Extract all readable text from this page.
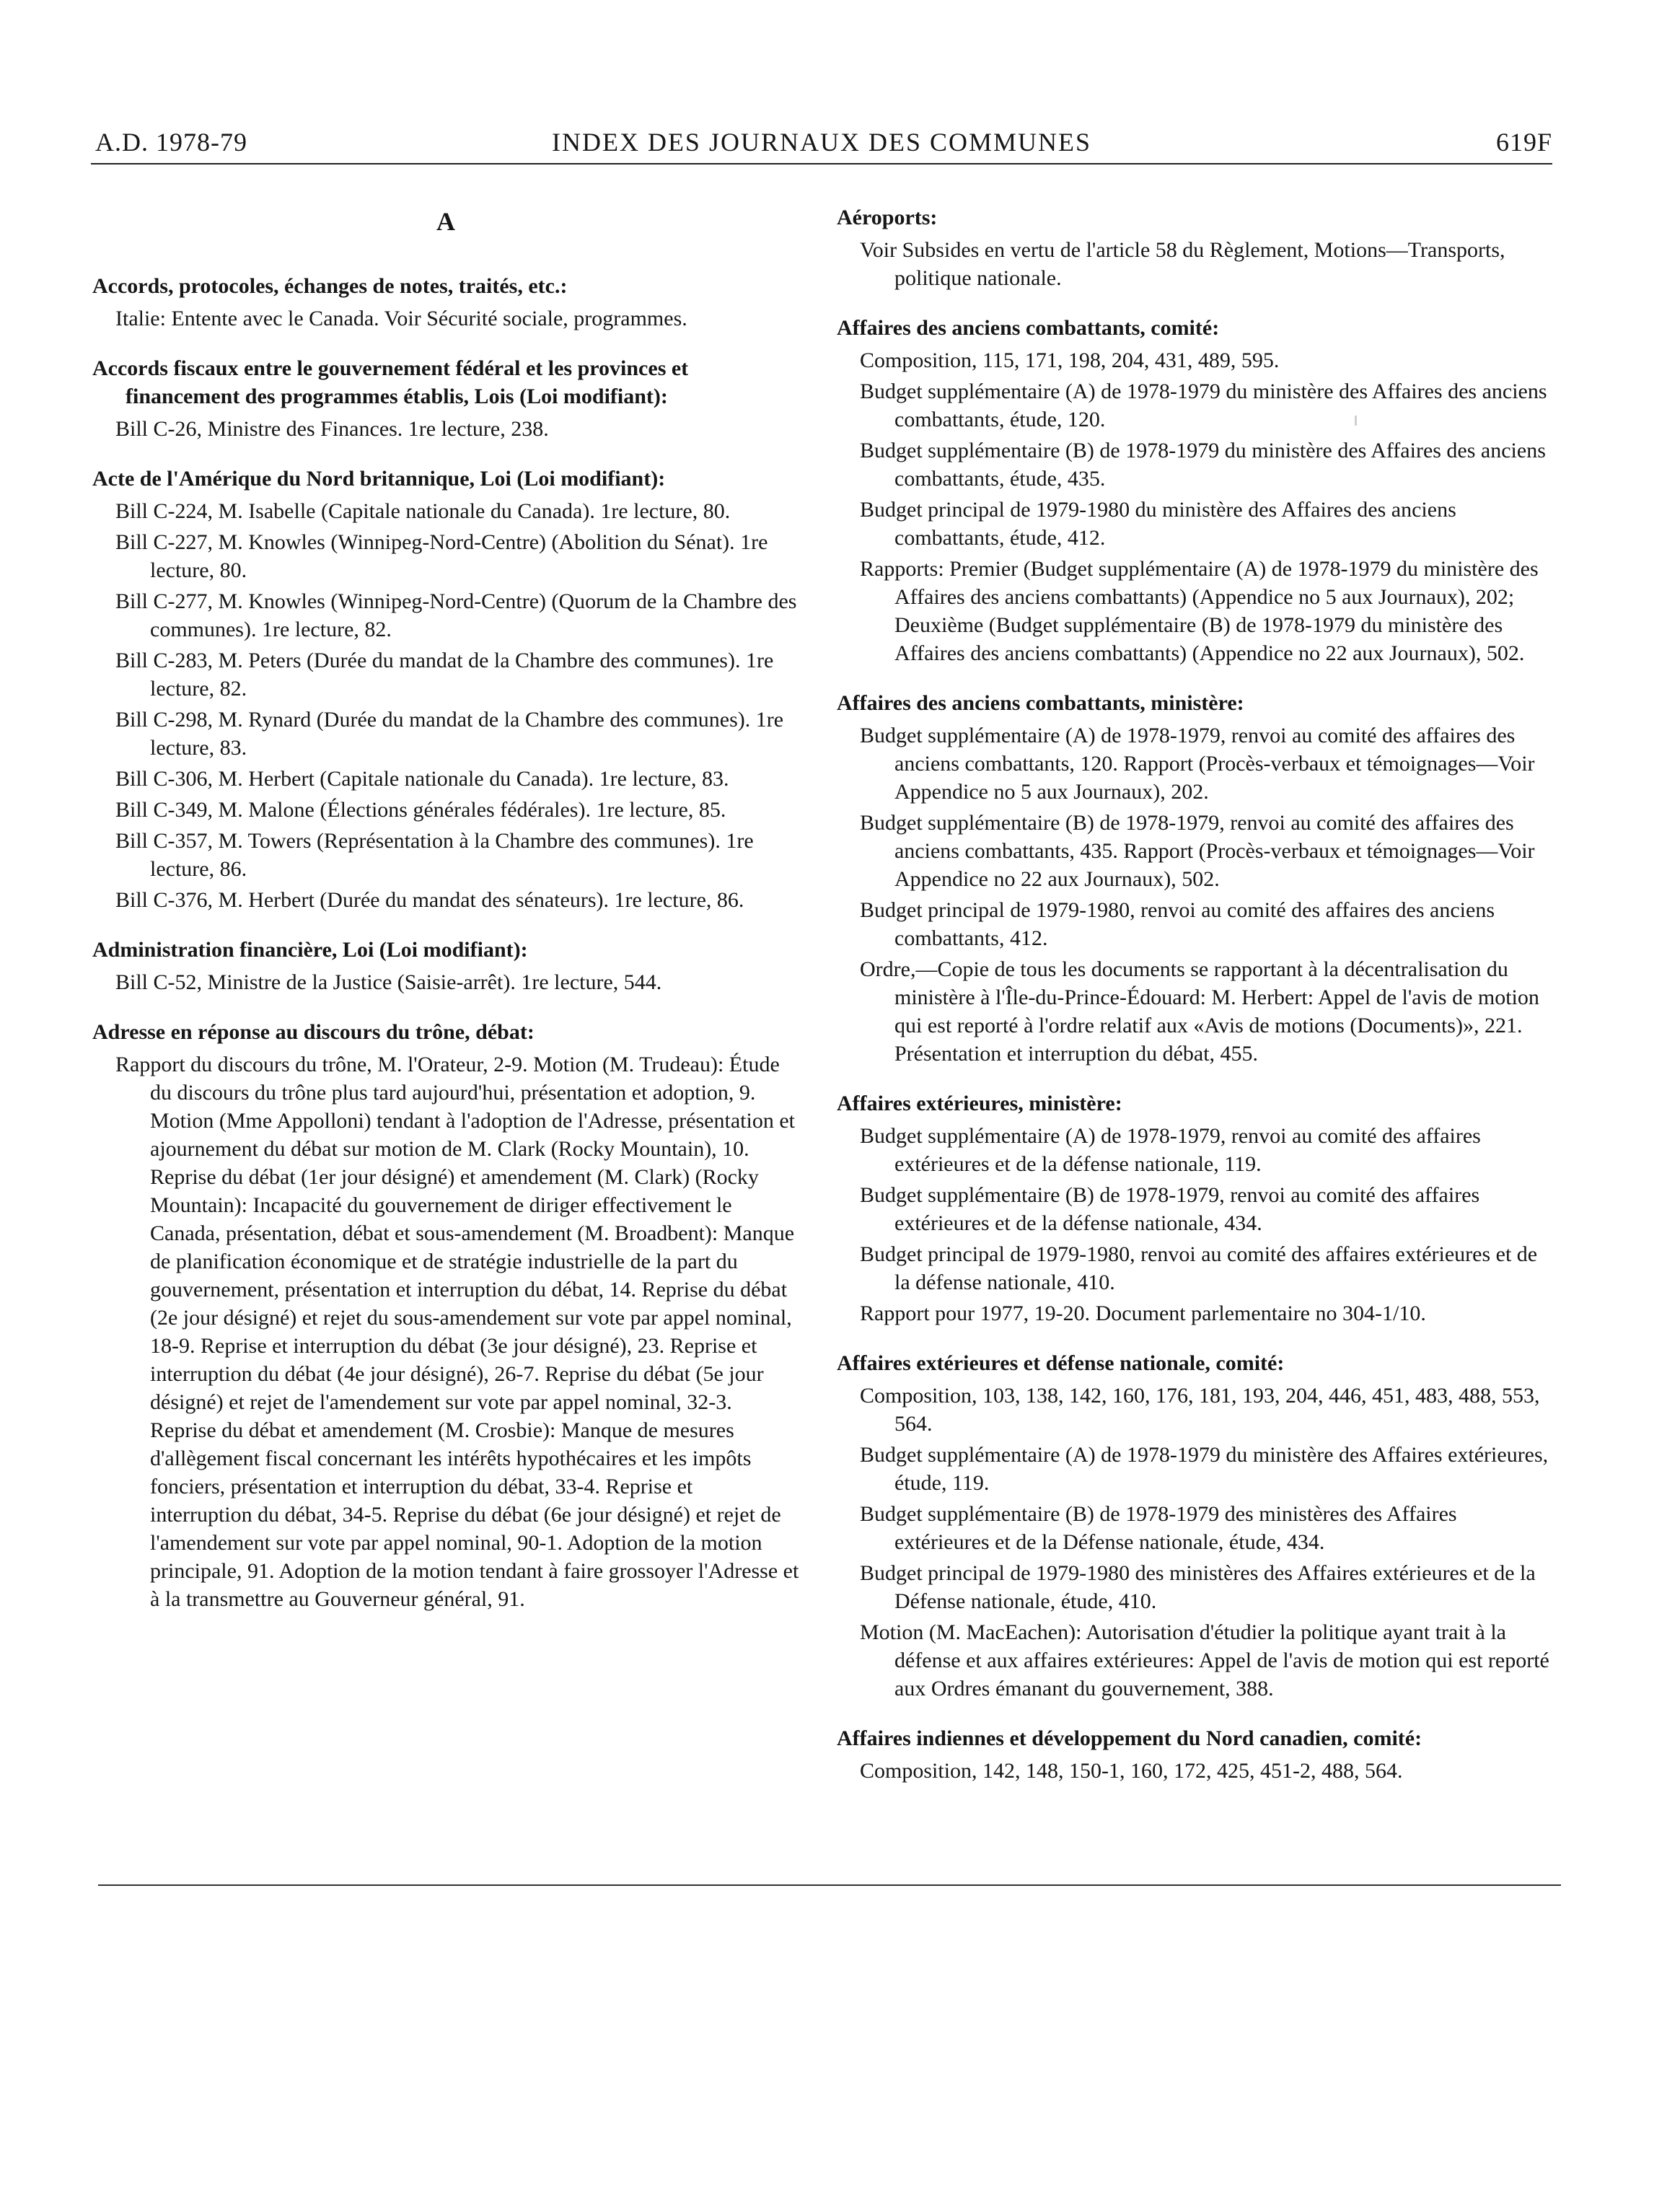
A.D. 1978-79	INDEX DES JOURNAUX DES COMMUNES	619F
A
Accords, protocoles, échanges de notes, traités, etc.:
Italie: Entente avec le Canada. Voir Sécurité sociale, programmes.
Accords fiscaux entre le gouvernement fédéral et les provinces et financement des programmes établis, Lois (Loi modifiant):
Bill C-26, Ministre des Finances. 1re lecture, 238.
Acte de l'Amérique du Nord britannique, Loi (Loi modifiant):
Bill C-224, M. Isabelle (Capitale nationale du Canada). 1re lecture, 80.
Bill C-227, M. Knowles (Winnipeg-Nord-Centre) (Abolition du Sénat). 1re lecture, 80.
Bill C-277, M. Knowles (Winnipeg-Nord-Centre) (Quorum de la Chambre des communes). 1re lecture, 82.
Bill C-283, M. Peters (Durée du mandat de la Chambre des communes). 1re lecture, 82.
Bill C-298, M. Rynard (Durée du mandat de la Chambre des communes). 1re lecture, 83.
Bill C-306, M. Herbert (Capitale nationale du Canada). 1re lecture, 83.
Bill C-349, M. Malone (Élections générales fédérales). 1re lecture, 85.
Bill C-357, M. Towers (Représentation à la Chambre des communes). 1re lecture, 86.
Bill C-376, M. Herbert (Durée du mandat des sénateurs). 1re lecture, 86.
Administration financière, Loi (Loi modifiant):
Bill C-52, Ministre de la Justice (Saisie-arrêt). 1re lecture, 544.
Adresse en réponse au discours du trône, débat:
Rapport du discours du trône, M. l'Orateur, 2-9. Motion (M. Trudeau): Étude du discours du trône plus tard aujourd'hui, présentation et adoption, 9. Motion (Mme Appolloni) tendant à l'adoption de l'Adresse, présentation et ajournement du débat sur motion de M. Clark (Rocky Mountain), 10. Reprise du débat (1er jour désigné) et amendement (M. Clark) (Rocky Mountain): Incapacité du gouvernement de diriger effectivement le Canada, présentation, débat et sous-amendement (M. Broadbent): Manque de planification économique et de stratégie industrielle de la part du gouvernement, présentation et interruption du débat, 14. Reprise du débat (2e jour désigné) et rejet du sous-amendement sur vote par appel nominal, 18-9. Reprise et interruption du débat (3e jour désigné), 23. Reprise et interruption du débat (4e jour désigné), 26-7. Reprise du débat (5e jour désigné) et rejet de l'amendement sur vote par appel nominal, 32-3. Reprise du débat et amendement (M. Crosbie): Manque de mesures d'allègement fiscal concernant les intérêts hypothécaires et les impôts fonciers, présentation et interruption du débat, 33-4. Reprise et interruption du débat, 34-5. Reprise du débat (6e jour désigné) et rejet de l'amendement sur vote par appel nominal, 90-1. Adoption de la motion principale, 91. Adoption de la motion tendant à faire grossoyer l'Adresse et à la transmettre au Gouverneur général, 91.
Aéroports:
Voir Subsides en vertu de l'article 58 du Règlement, Motions—Transports, politique nationale.
Affaires des anciens combattants, comité:
Composition, 115, 171, 198, 204, 431, 489, 595.
Budget supplémentaire (A) de 1978-1979 du ministère des Affaires des anciens combattants, étude, 120.
Budget supplémentaire (B) de 1978-1979 du ministère des Affaires des anciens combattants, étude, 435.
Budget principal de 1979-1980 du ministère des Affaires des anciens combattants, étude, 412.
Rapports: Premier (Budget supplémentaire (A) de 1978-1979 du ministère des Affaires des anciens combattants) (Appendice no 5 aux Journaux), 202; Deuxième (Budget supplémentaire (B) de 1978-1979 du ministère des Affaires des anciens combattants) (Appendice no 22 aux Journaux), 502.
Affaires des anciens combattants, ministère:
Budget supplémentaire (A) de 1978-1979, renvoi au comité des affaires des anciens combattants, 120. Rapport (Procès-verbaux et témoignages—Voir Appendice no 5 aux Journaux), 202.
Budget supplémentaire (B) de 1978-1979, renvoi au comité des affaires des anciens combattants, 435. Rapport (Procès-verbaux et témoignages—Voir Appendice no 22 aux Journaux), 502.
Budget principal de 1979-1980, renvoi au comité des affaires des anciens combattants, 412.
Ordre,—Copie de tous les documents se rapportant à la décentralisation du ministère à l'Île-du-Prince-Édouard: M. Herbert: Appel de l'avis de motion qui est reporté à l'ordre relatif aux «Avis de motions (Documents)», 221. Présentation et interruption du débat, 455.
Affaires extérieures, ministère:
Budget supplémentaire (A) de 1978-1979, renvoi au comité des affaires extérieures et de la défense nationale, 119.
Budget supplémentaire (B) de 1978-1979, renvoi au comité des affaires extérieures et de la défense nationale, 434.
Budget principal de 1979-1980, renvoi au comité des affaires extérieures et de la défense nationale, 410.
Rapport pour 1977, 19-20. Document parlementaire no 304-1/10.
Affaires extérieures et défense nationale, comité:
Composition, 103, 138, 142, 160, 176, 181, 193, 204, 446, 451, 483, 488, 553, 564.
Budget supplémentaire (A) de 1978-1979 du ministère des Affaires extérieures, étude, 119.
Budget supplémentaire (B) de 1978-1979 des ministères des Affaires extérieures et de la Défense nationale, étude, 434.
Budget principal de 1979-1980 des ministères des Affaires extérieures et de la Défense nationale, étude, 410.
Motion (M. MacEachen): Autorisation d'étudier la politique ayant trait à la défense et aux affaires extérieures: Appel de l'avis de motion qui est reporté aux Ordres émanant du gouvernement, 388.
Affaires indiennes et développement du Nord canadien, comité:
Composition, 142, 148, 150-1, 160, 172, 425, 451-2, 488, 564.
